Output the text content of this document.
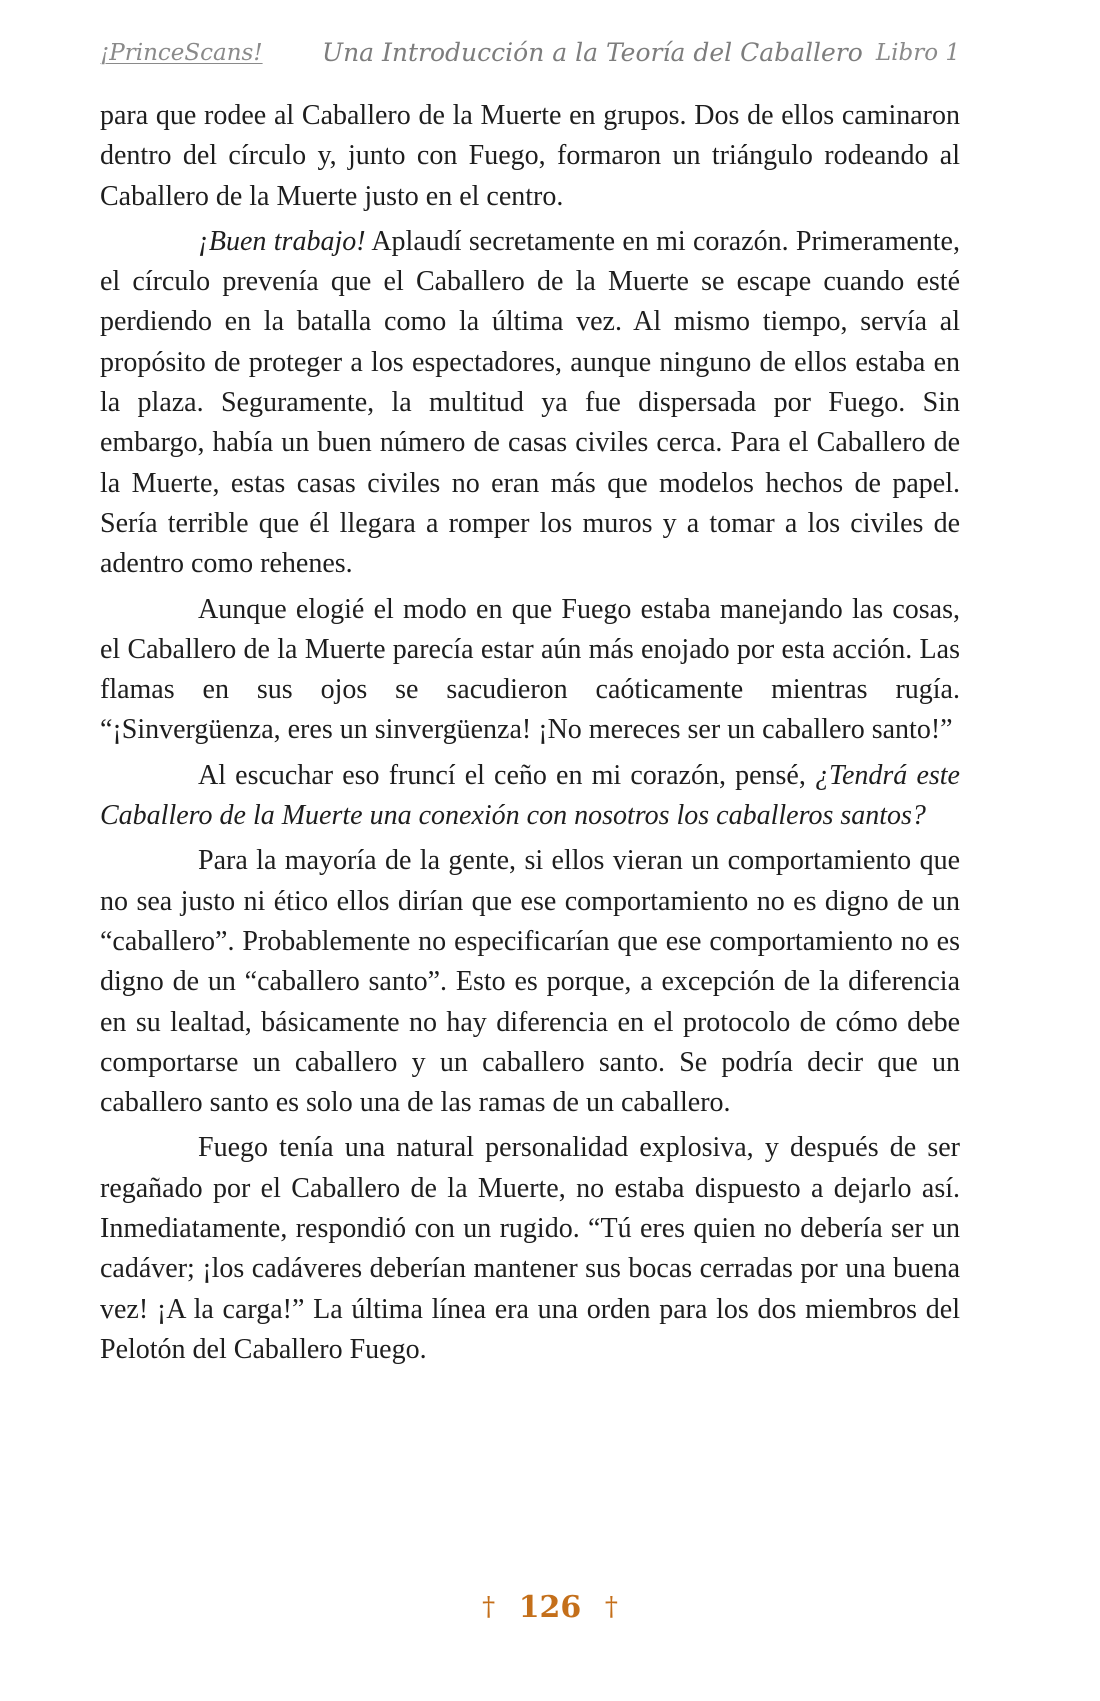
¡PrinceScans! Una Introducción a la Teoría del Caballero Libro 1

para que rodee al Caballero de la Muerte en grupos. Dos de ellos caminaron dentro del círculo y, junto con Fuego, formaron un triángulo rodeando al Caballero de la Muerte justo en el centro.

¡Buen trabajo! Aplaudí secretamente en mi corazón. Primeramente, el círculo prevenía que el Caballero de la Muerte se escape cuando esté perdiendo en la batalla como la última vez. Al mismo tiempo, servía al propósito de proteger a los espectadores, aunque ninguno de ellos estaba en la plaza. Seguramente, la multitud ya fue dispersada por Fuego. Sin embargo, había un buen número de casas civiles cerca. Para el Caballero de la Muerte, estas casas civiles no eran más que modelos hechos de papel. Sería terrible que él llegara a romper los muros y a tomar a los civiles de adentro como rehenes.

Aunque elogié el modo en que Fuego estaba manejando las cosas, el Caballero de la Muerte parecía estar aún más enojado por esta acción. Las flamas en sus ojos se sacudieron caóticamente mientras rugía. “¡Sinvergüenza, eres un sinvergüenza! ¡No mereces ser un caballero santo!”

Al escuchar eso fruncí el ceño en mi corazón, pensé, ¿Tendrá este Caballero de la Muerte una conexión con nosotros los caballeros santos?

Para la mayoría de la gente, si ellos vieran un comportamiento que no sea justo ni ético ellos dirían que ese comportamiento no es digno de un “caballero”. Probablemente no especificarían que ese comportamiento no es digno de un “caballero santo”. Esto es porque, a excepción de la diferencia en su lealtad, básicamente no hay diferencia en el protocolo de cómo debe comportarse un caballero y un caballero santo. Se podría decir que un caballero santo es solo una de las ramas de un caballero.

Fuego tenía una natural personalidad explosiva, y después de ser regañado por el Caballero de la Muerte, no estaba dispuesto a dejarlo así. Inmediatamente, respondió con un rugido. “Tú eres quien no debería ser un cadáver; ¡los cadáveres deberían mantener sus bocas cerradas por una buena vez! ¡A la carga!” La última línea era una orden para los dos miembros del Pelotón del Caballero Fuego.

† 126 †
